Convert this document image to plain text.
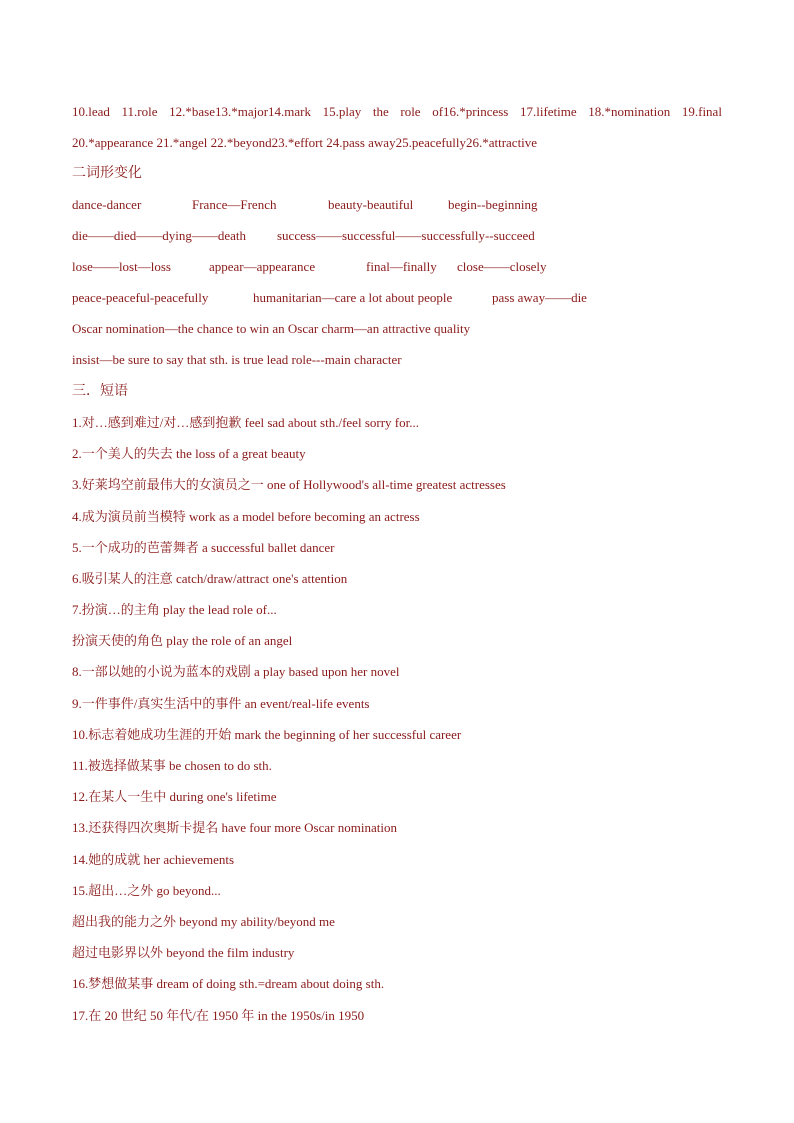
10.lead 11.role 12.*base13.*major14.mark 15.play the role of16.*princess 17.lifetime 18.*nomination 19.final
20.*appearance 21.*angel 22.*beyond23.*effort 24.pass away25.peacefully26.*attractive
二词形变化
dance-dancer	France—French	beauty-beautiful	begin--beginning
die——died——dying——death success——successful——successfully--succeed
lose——lost—loss	appear—appearance	final—finally close——closely
peace-peaceful-peacefully	humanitarian—care a lot about people	pass away——die
Oscar nomination—the chance to win an Oscar charm—an attractive quality
insist—be sure to say that sth. is true lead role---main character
三．短语
1.对…感到难过/对…感到抱歉 feel sad about sth./feel sorry for...
2.一个美人的失去 the loss of a great beauty
3.好莱坞空前最伟大的女演员之一 one of Hollywood's all-time greatest actresses
4.成为演员前当模特 work as a model before becoming an actress
5.一个成功的芭蕾舞者 a successful ballet dancer
6.吸引某人的注意 catch/draw/attract one's attention
7.扮演…的主角 play the lead role of...
扮演天使的角色 play the role of an angel
8.一部以她的小说为蓝本的戏剧 a play based upon her novel
9.一件事件/真实生活中的事件 an event/real-life events
10.标志着她成功生涯的开始 mark the beginning of her successful career
11.被选择做某事 be chosen to do sth.
12.在某人一生中 during one's lifetime
13.还获得四次奥斯卡提名 have four more Oscar nomination
14.她的成就 her achievements
15.超出…之外 go beyond...
超出我的能力之外 beyond my ability/beyond me
超过电影界以外 beyond the film industry
16.梦想做某事 dream of doing sth.=dream about doing sth.
17.在 20 世纪 50 年代/在 1950 年 in the 1950s/in 1950
